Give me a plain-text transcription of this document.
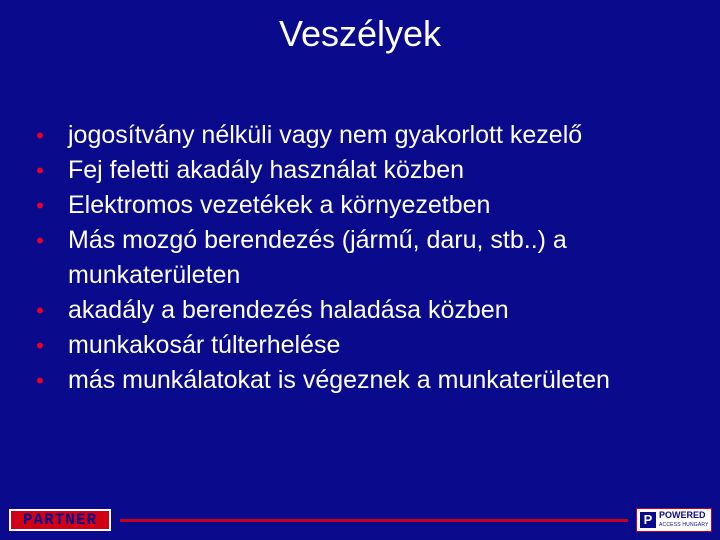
Veszélyek
• jogosítvány nélküli vagy nem gyakorlott kezelő
• Fej feletti akadály használat közben
• Elektromos vezetékek a környezetben
• Más mozgó berendezés (jármű, daru, stb..) a munkaterületen
• akadály a berendezés haladása közben
• munkakosár túlterhelése
• más munkálatokat is végeznek a munkaterületen
PARTNER	P POWERED
ACCESS HUNGARY
